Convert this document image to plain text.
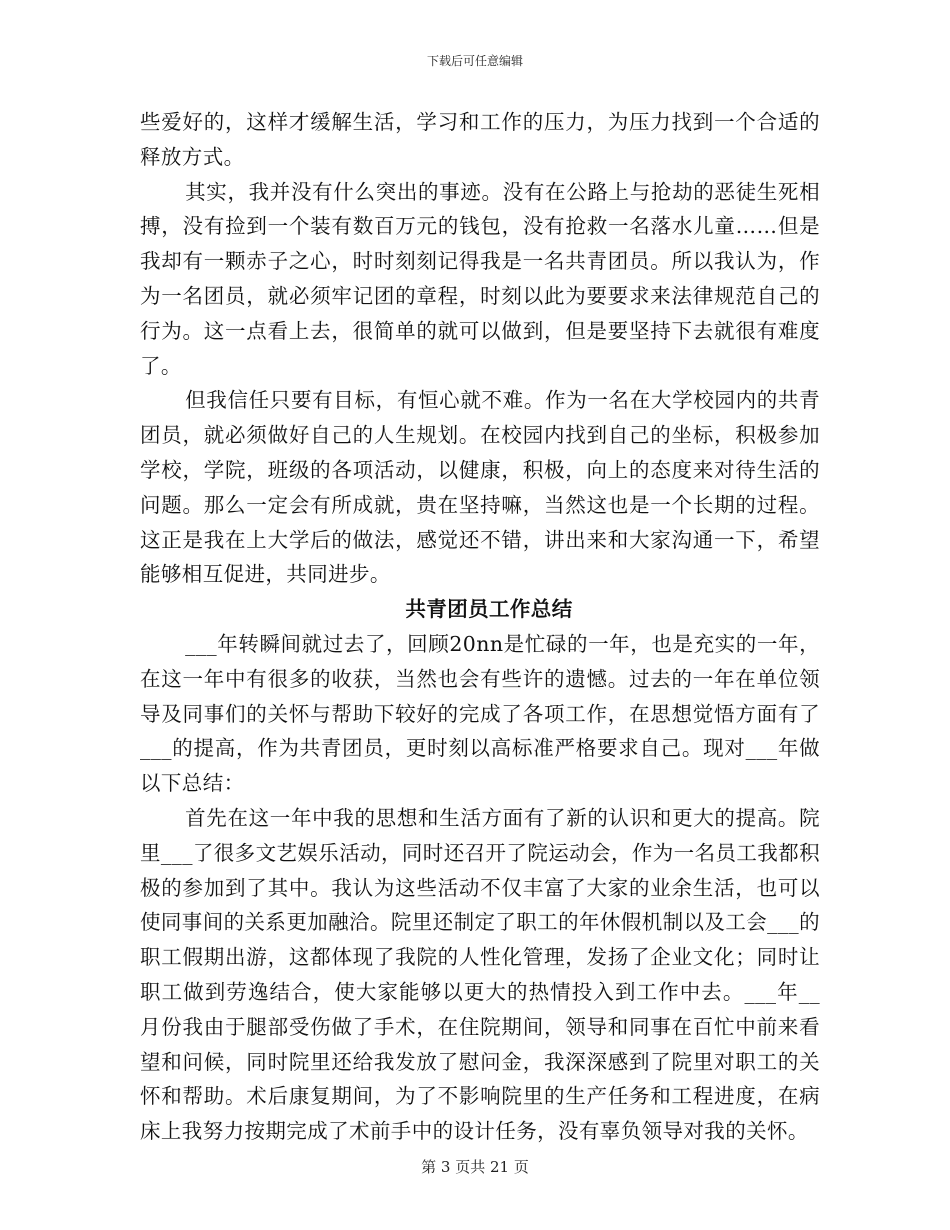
下载后可任意编辑

些爱好的，这样才缓解生活，学习和工作的压力，为压力找到一个合适的释放方式。

其实，我并没有什么突出的事迹。没有在公路上与抢劫的恶徒生死相搏，没有捡到一个装有数百万元的钱包，没有抢救一名落水儿童……但是我却有一颗赤子之心，时时刻刻记得我是一名共青团员。所以我认为，作为一名团员，就必须牢记团的章程，时刻以此为要要求来法律规范自己的行为。这一点看上去，很简单的就可以做到，但是要坚持下去就很有难度了。

但我信任只要有目标，有恒心就不难。作为一名在大学校园内的共青团员，就必须做好自己的人生规划。在校园内找到自己的坐标，积极参加学校，学院，班级的各项活动，以健康，积极，向上的态度来对待生活的问题。那么一定会有所成就，贵在坚持嘛，当然这也是一个长期的过程。这正是我在上大学后的做法，感觉还不错，讲出来和大家沟通一下，希望能够相互促进，共同进步。

共青团员工作总结

___年转瞬间就过去了，回顾20nn是忙碌的一年，也是充实的一年，在这一年中有很多的收获，当然也会有些许的遗憾。过去的一年在单位领导及同事们的关怀与帮助下较好的完成了各项工作，在思想觉悟方面有了___的提高，作为共青团员，更时刻以高标准严格要求自己。现对___年做以下总结：

首先在这一年中我的思想和生活方面有了新的认识和更大的提高。院里___了很多文艺娱乐活动，同时还召开了院运动会，作为一名员工我都积极的参加到了其中。我认为这些活动不仅丰富了大家的业余生活，也可以使同事间的关系更加融洽。院里还制定了职工的年休假机制以及工会___的职工假期出游，这都体现了我院的人性化管理，发扬了企业文化；同时让职工做到劳逸结合，使大家能够以更大的热情投入到工作中去。___年__月份我由于腿部受伤做了手术，在住院期间，领导和同事在百忙中前来看望和问候，同时院里还给我发放了慰问金，我深深感到了院里对职工的关怀和帮助。术后康复期间，为了不影响院里的生产任务和工程进度，在病床上我努力按期完成了术前手中的设计任务，没有辜负领导对我的关怀。

第 3 页共 21 页
